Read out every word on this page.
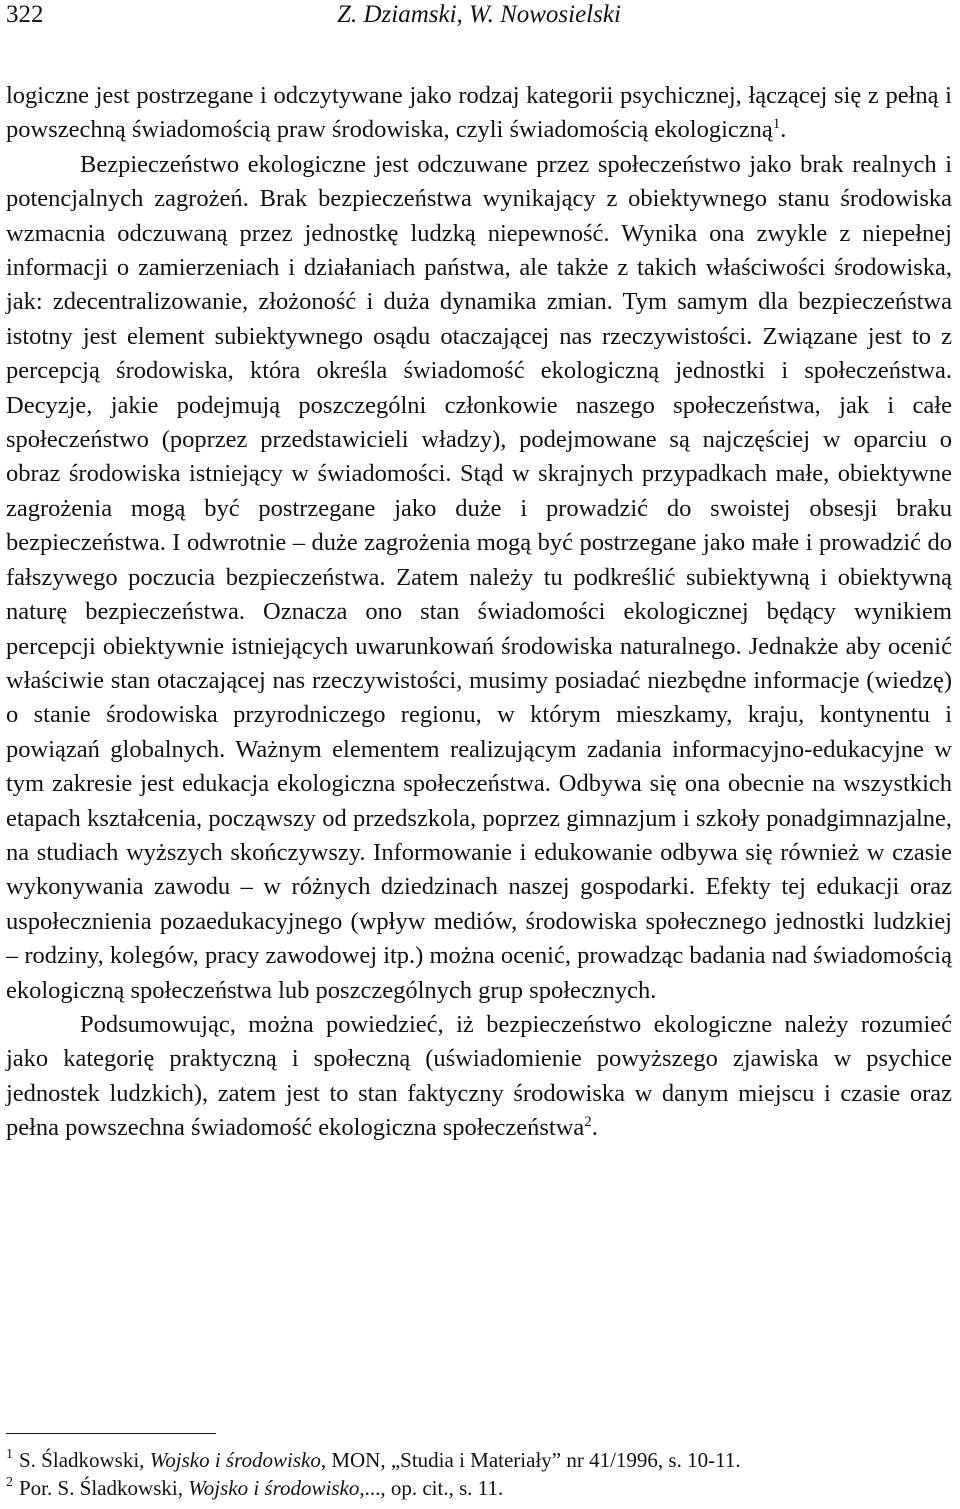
322	Z. Dziamski, W. Nowosielski

logiczne jest postrzegane i odczytywane jako rodzaj kategorii psychicznej, łączącej się z pełną i powszechną świadomością praw środowiska, czyli świadomością ekologiczną$^1$.

Bezpieczeństwo ekologiczne jest odczuwane przez społeczeństwo jako brak realnych i potencjalnych zagrożeń. Brak bezpieczeństwa wynikający z obiektywnego stanu środowiska wzmacnia odczuwaną przez jednostkę ludzką niepewność. Wynika ona zwykle z niepełnej informacji o zamierzeniach i działaniach państwa, ale także z takich właściwości środowiska, jak: zdecentralizowanie, złożoność i duża dynamika zmian. Tym samym dla bezpieczeństwa istotny jest element subiektywnego osądu otaczającej nas rzeczywistości. Związane jest to z percepcją środowiska, która określa świadomość ekologiczną jednostki i społeczeństwa. Decyzje, jakie podejmują poszczególni członkowie naszego społeczeństwa, jak i całe społeczeństwo (poprzez przedstawicieli władzy), podejmowane są najczęściej w oparciu o obraz środowiska istniejący w świadomości. Stąd w skrajnych przypadkach małe, obiektywne zagrożenia mogą być postrzegane jako duże i prowadzić do swoistej obsesji braku bezpieczeństwa. I odwrotnie – duże zagrożenia mogą być postrzegane jako małe i prowadzić do fałszywego poczucia bezpieczeństwa. Zatem należy tu podkreślić subiektywną i obiektywną naturę bezpieczeństwa. Oznacza ono stan świadomości ekologicznej będący wynikiem percepcji obiektywnie istniejących uwarunkowań środowiska naturalnego. Jednakże aby ocenić właściwie stan otaczającej nas rzeczywistości, musimy posiadać niezbędne informacje (wiedzę) o stanie środowiska przyrodniczego regionu, w którym mieszkamy, kraju, kontynentu i powiązań globalnych. Ważnym elementem realizującym zadania informacyjno-edukacyjne w tym zakresie jest edukacja ekologiczna społeczeństwa. Odbywa się ona obecnie na wszystkich etapach kształcenia, począwszy od przedszkola, poprzez gimnazjum i szkoły ponadgimnazjalne, na studiach wyższych skończywszy. Informowanie i edukowanie odbywa się również w czasie wykonywania zawodu – w różnych dziedzinach naszej gospodarki. Efekty tej edukacji oraz uspołecznienia pozaedukacyjnego (wpływ mediów, środowiska społecznego jednostki ludzkiej – rodziny, kolegów, pracy zawodowej itp.) można ocenić, prowadząc badania nad świadomością ekologiczną społeczeństwa lub poszczególnych grup społecznych.

Podsumowując, można powiedzieć, iż bezpieczeństwo ekologiczne należy rozumieć jako kategorię praktyczną i społeczną (uświadomienie powyższego zjawiska w psychice jednostek ludzkich), zatem jest to stan faktyczny środowiska w danym miejscu i czasie oraz pełna powszechna świadomość ekologiczna społeczeństwa$^2$.

$^1$ S. Śladkowski, Wojsko i środowisko, MON, „Studia i Materiały” nr 41/1996, s. 10-11.

$^2$ Por. S. Śladkowski, Wojsko i środowisko,..., op. cit., s. 11.
